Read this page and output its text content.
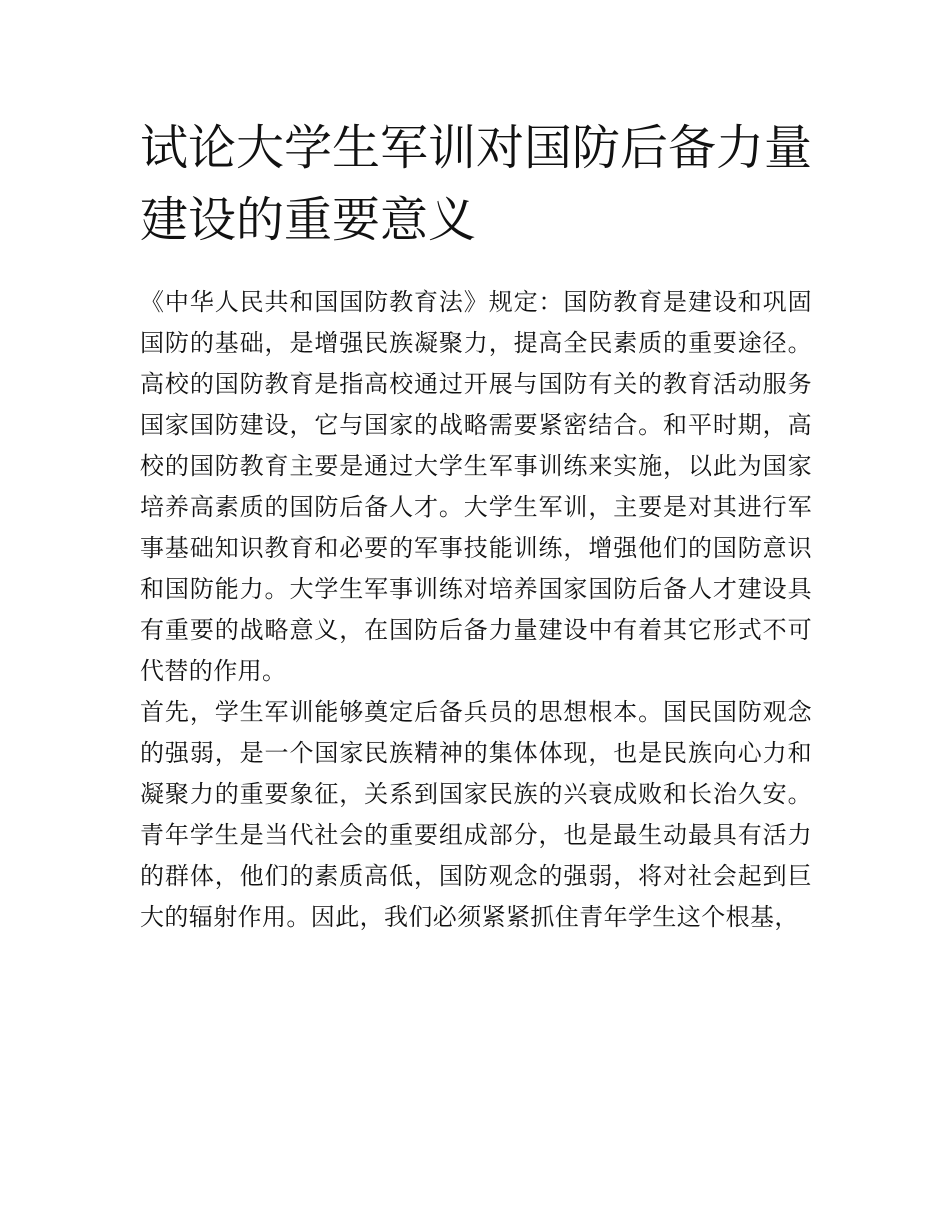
试论大学生军训对国防后备力量建设的重要意义

《中华人民共和国国防教育法》规定：国防教育是建设和巩固国防的基础，是增强民族凝聚力，提高全民素质的重要途径。高校的国防教育是指高校通过开展与国防有关的教育活动服务国家国防建设，它与国家的战略需要紧密结合。和平时期，高校的国防教育主要是通过大学生军事训练来实施，以此为国家培养高素质的国防后备人才。大学生军训，主要是对其进行军事基础知识教育和必要的军事技能训练，增强他们的国防意识和国防能力。大学生军事训练对培养国家国防后备人才建设具有重要的战略意义，在国防后备力量建设中有着其它形式不可代替的作用。

首先，学生军训能够奠定后备兵员的思想根本。国民国防观念的强弱，是一个国家民族精神的集体体现，也是民族向心力和凝聚力的重要象征，关系到国家民族的兴衰成败和长治久安。青年学生是当代社会的重要组成部分，也是最生动最具有活力的群体，他们的素质高低，国防观念的强弱，将对社会起到巨大的辐射作用。因此，我们必须紧紧抓住青年学生这个根基，
